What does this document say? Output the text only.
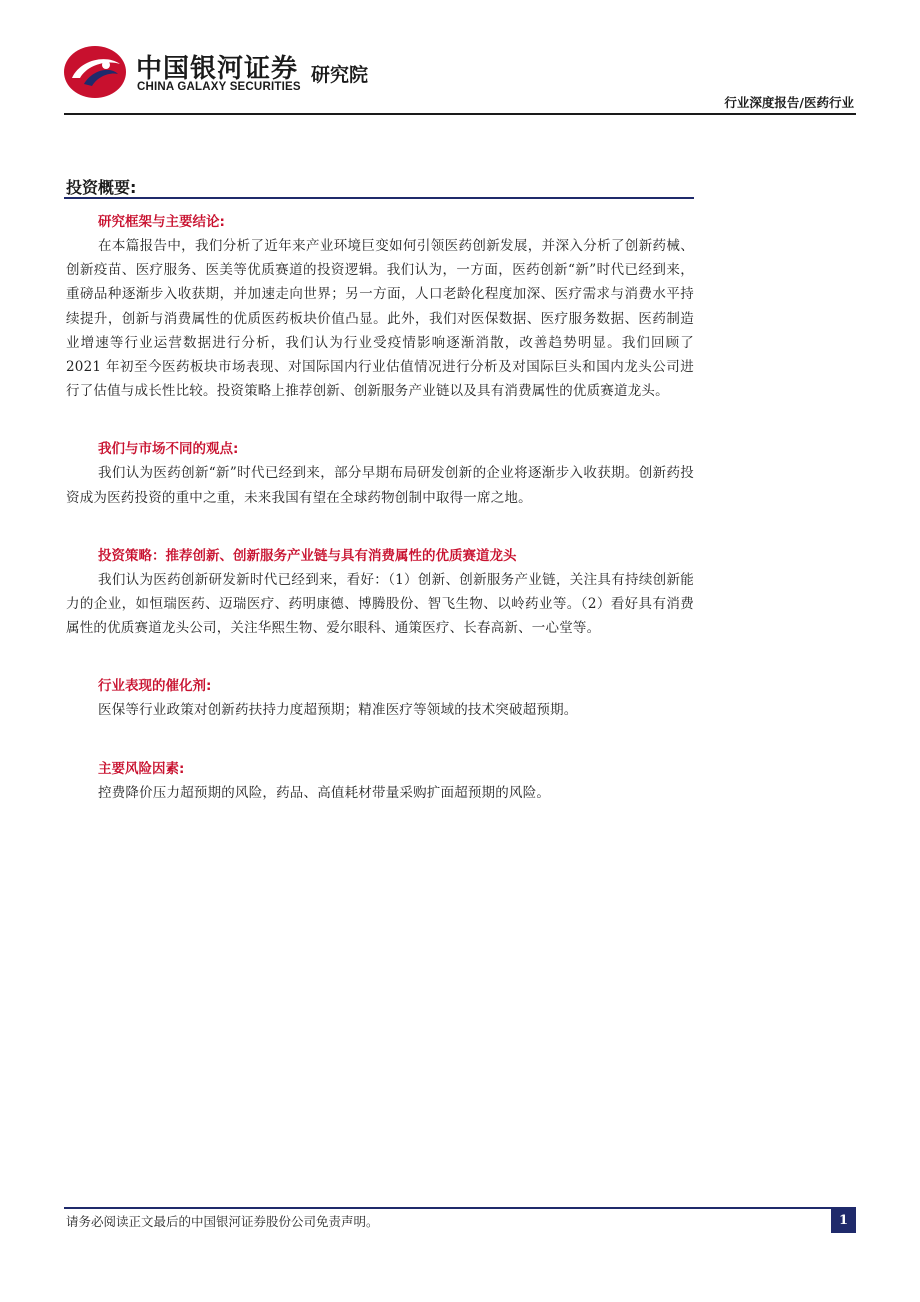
中国银河证券
CHINA GALAXY SECURITIES
研究院
行业深度报告/医药行业
投资概要:
研究框架与主要结论:

在本篇报告中，我们分析了近年来产业环境巨变如何引领医药创新发展，并深入分析了创新药械、创新疫苗、医疗服务、医美等优质赛道的投资逻辑。我们认为，一方面，医药创新“新”时代已经到来，重磅品种逐渐步入收获期，并加速走向世界；另一方面，人口老龄化程度加深、医疗需求与消费水平持续提升，创新与消费属性的优质医药板块价值凸显。此外，我们对医保数据、医疗服务数据、医药制造业增速等行业运营数据进行分析，我们认为行业受疫情影响逐渐消散，改善趋势明显。我们回顾了 2021 年初至今医药板块市场表现、对国际国内行业估值情况进行分析及对国际巨头和国内龙头公司进行了估值与成长性比较。投资策略上推荐创新、创新服务产业链以及具有消费属性的优质赛道龙头。

我们与市场不同的观点:

我们认为医药创新“新”时代已经到来，部分早期布局研发创新的企业将逐渐步入收获期。创新药投资成为医药投资的重中之重，未来我国有望在全球药物创制中取得一席之地。

投资策略：推荐创新、创新服务产业链与具有消费属性的优质赛道龙头

我们认为医药创新研发新时代已经到来，看好：（1）创新、创新服务产业链，关注具有持续创新能力的企业，如恒瑞医药、迈瑞医疗、药明康德、博腾股份、智飞生物、以岭药业等。（2）看好具有消费属性的优质赛道龙头公司，关注华熙生物、爱尔眼科、通策医疗、长春高新、一心堂等。

行业表现的催化剂:

医保等行业政策对创新药扶持力度超预期；精准医疗等领域的技术突破超预期。

主要风险因素:

控费降价压力超预期的风险，药品、高值耗材带量采购扩面超预期的风险。

请务必阅读正文最后的中国银河证券股份公司免责声明。	1
